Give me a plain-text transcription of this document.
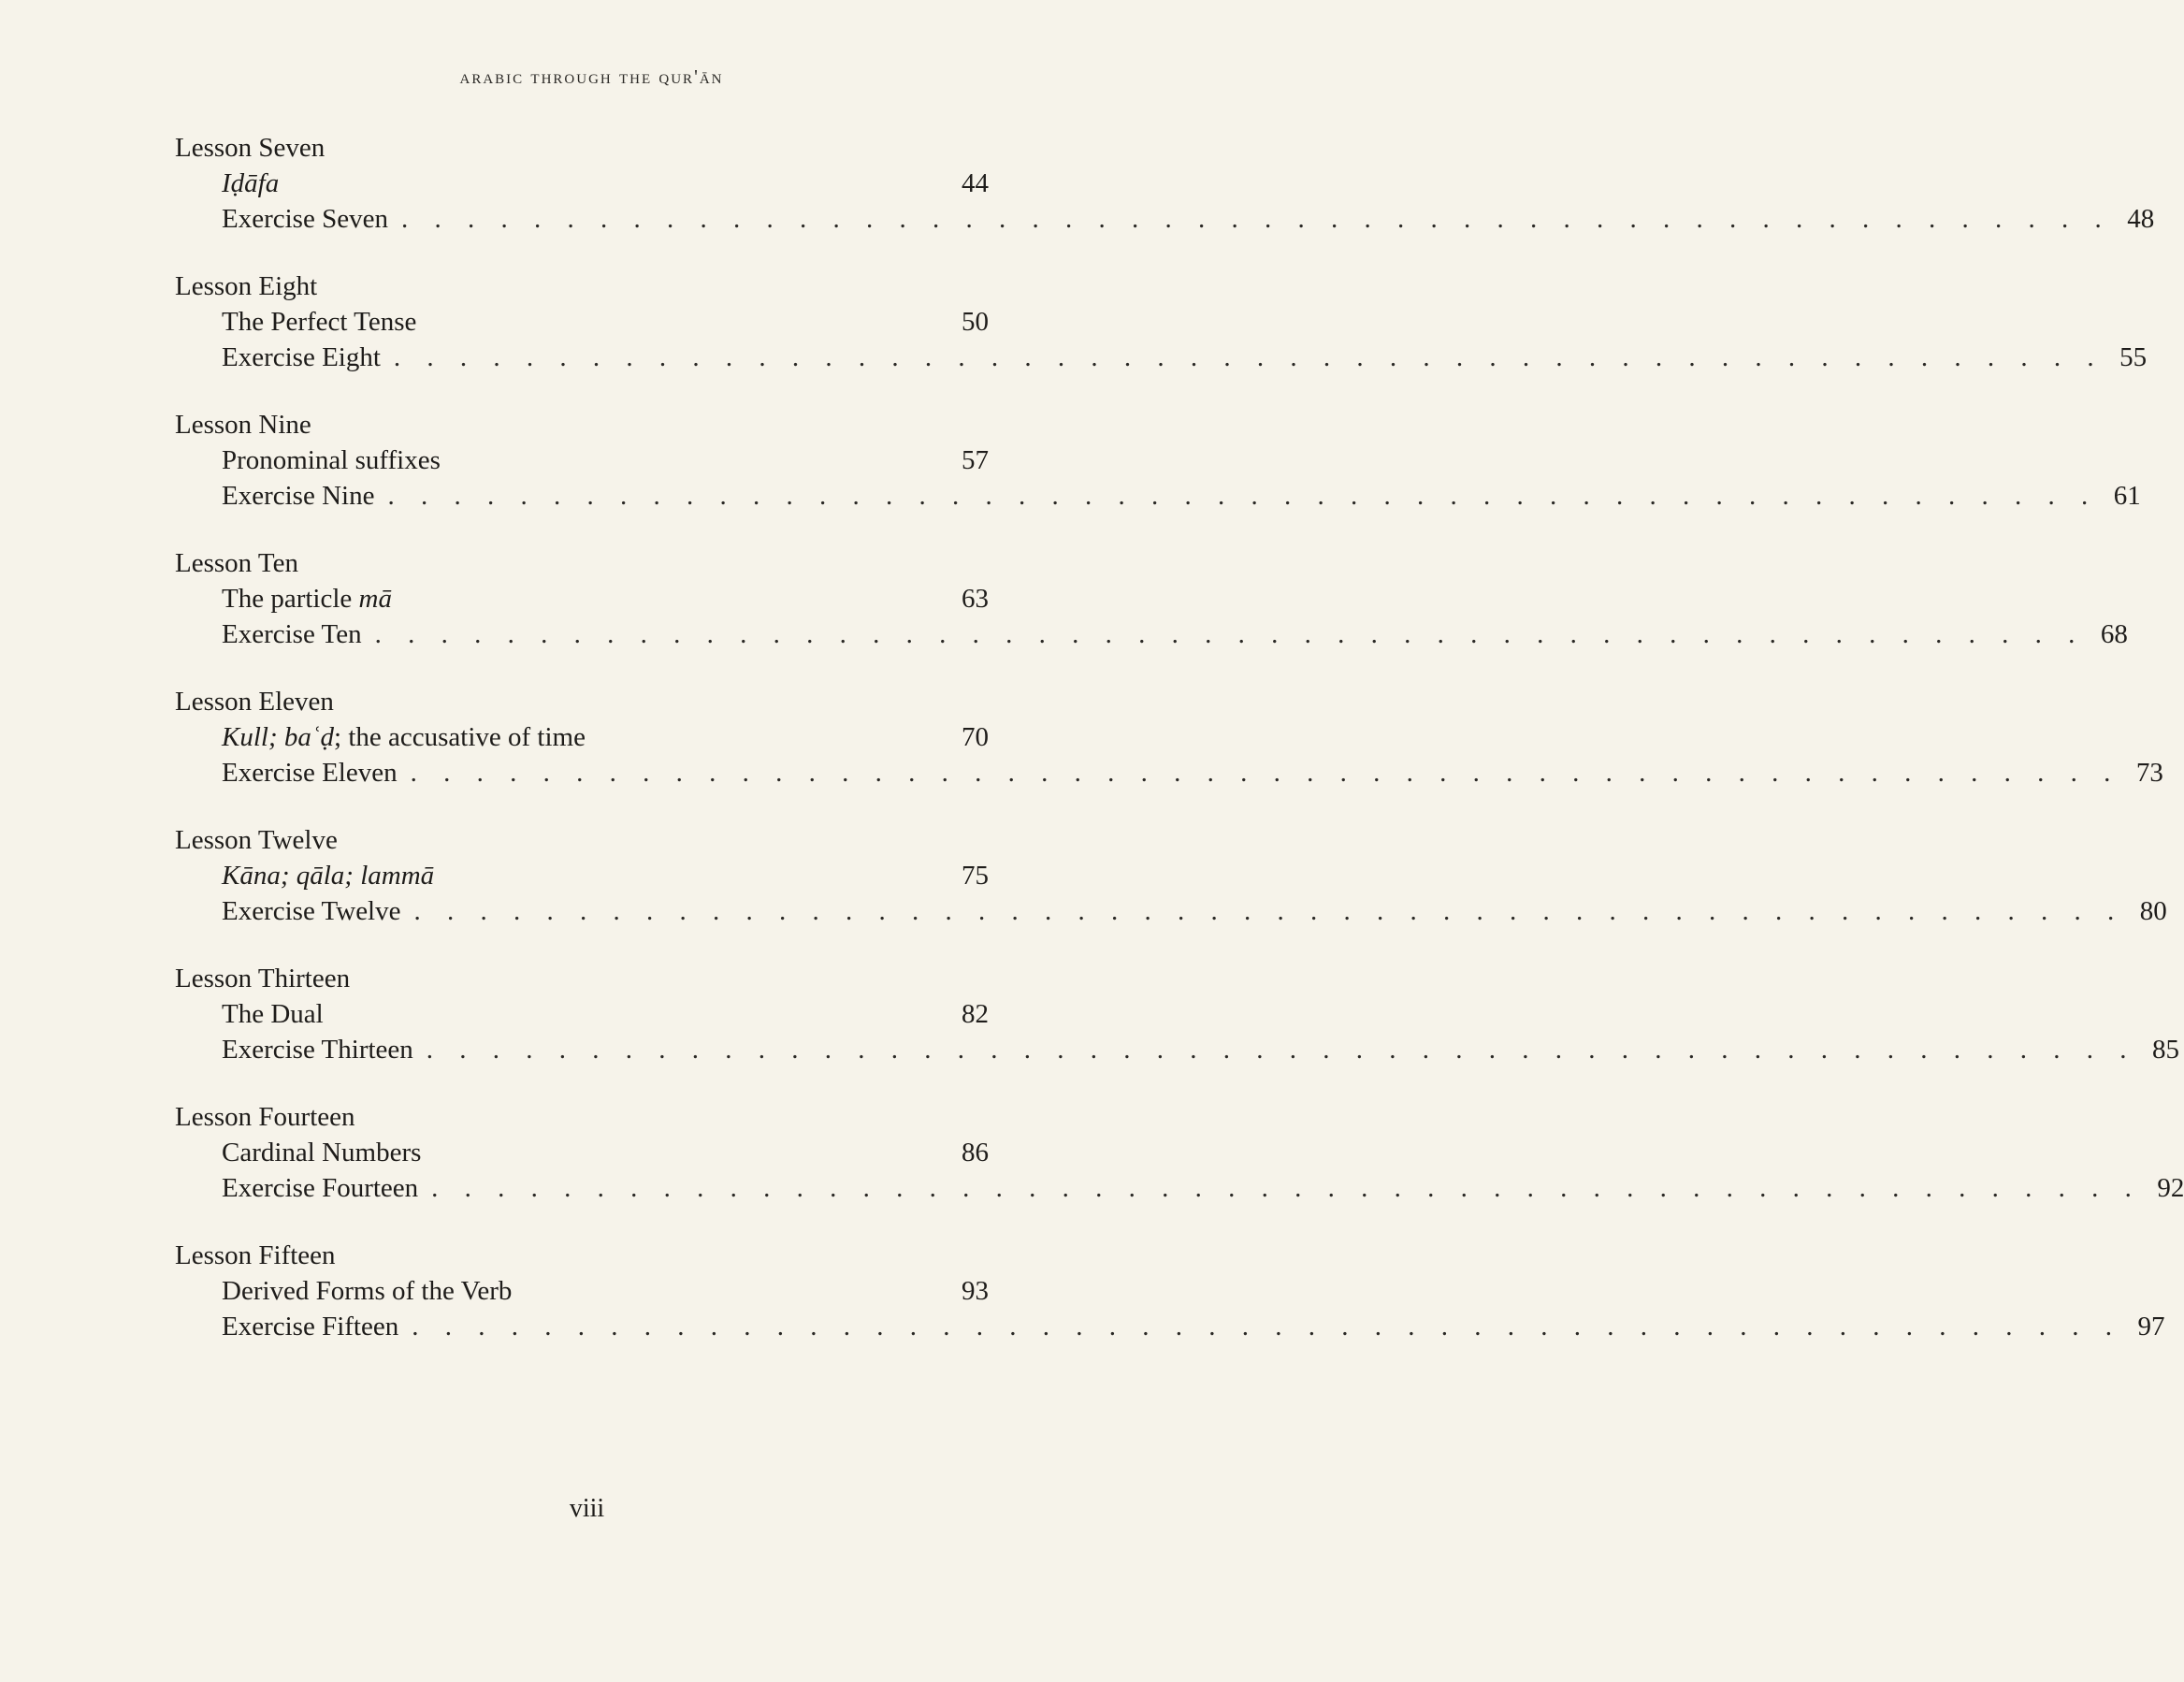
arabic through the qur'ān
Lesson Seven
Iḍāfa	44
Exercise Seven . . . . . . . . . . . . . . . . . . . . . . . . . . . . . . . . . . . . . . . . . . . . . . . . . . . . 48
Lesson Eight
The Perfect Tense	50
Exercise Eight . . . . . . . . . . . . . . . . . . . . . . . . . . . . . . . . . . . . . . . . . . . . . . . . . . . . 55
Lesson Nine
Pronominal suffixes	57
Exercise Nine . . . . . . . . . . . . . . . . . . . . . . . . . . . . . . . . . . . . . . . . . . . . . . . . . . . . 61
Lesson Ten
The particle mā	63
Exercise Ten . . . . . . . . . . . . . . . . . . . . . . . . . . . . . . . . . . . . . . . . . . . . . . . . . . . . 68
Lesson Eleven
Kull; baʿḍ; the accusative of time	70
Exercise Eleven . . . . . . . . . . . . . . . . . . . . . . . . . . . . . . . . . . . . . . . . . . . . . . . . . . . . 73
Lesson Twelve
Kāna; qāla; lammā	75
Exercise Twelve . . . . . . . . . . . . . . . . . . . . . . . . . . . . . . . . . . . . . . . . . . . . . . . . . . . . 80
Lesson Thirteen
The Dual	82
Exercise Thirteen . . . . . . . . . . . . . . . . . . . . . . . . . . . . . . . . . . . . . . . . . . . . . . . . . . . . 85
Lesson Fourteen
Cardinal Numbers	86
Exercise Fourteen . . . . . . . . . . . . . . . . . . . . . . . . . . . . . . . . . . . . . . . . . . . . . . . . . . . . 92
Lesson Fifteen
Derived Forms of the Verb	93
Exercise Fifteen . . . . . . . . . . . . . . . . . . . . . . . . . . . . . . . . . . . . . . . . . . . . . . . . . . . . 97
viii
